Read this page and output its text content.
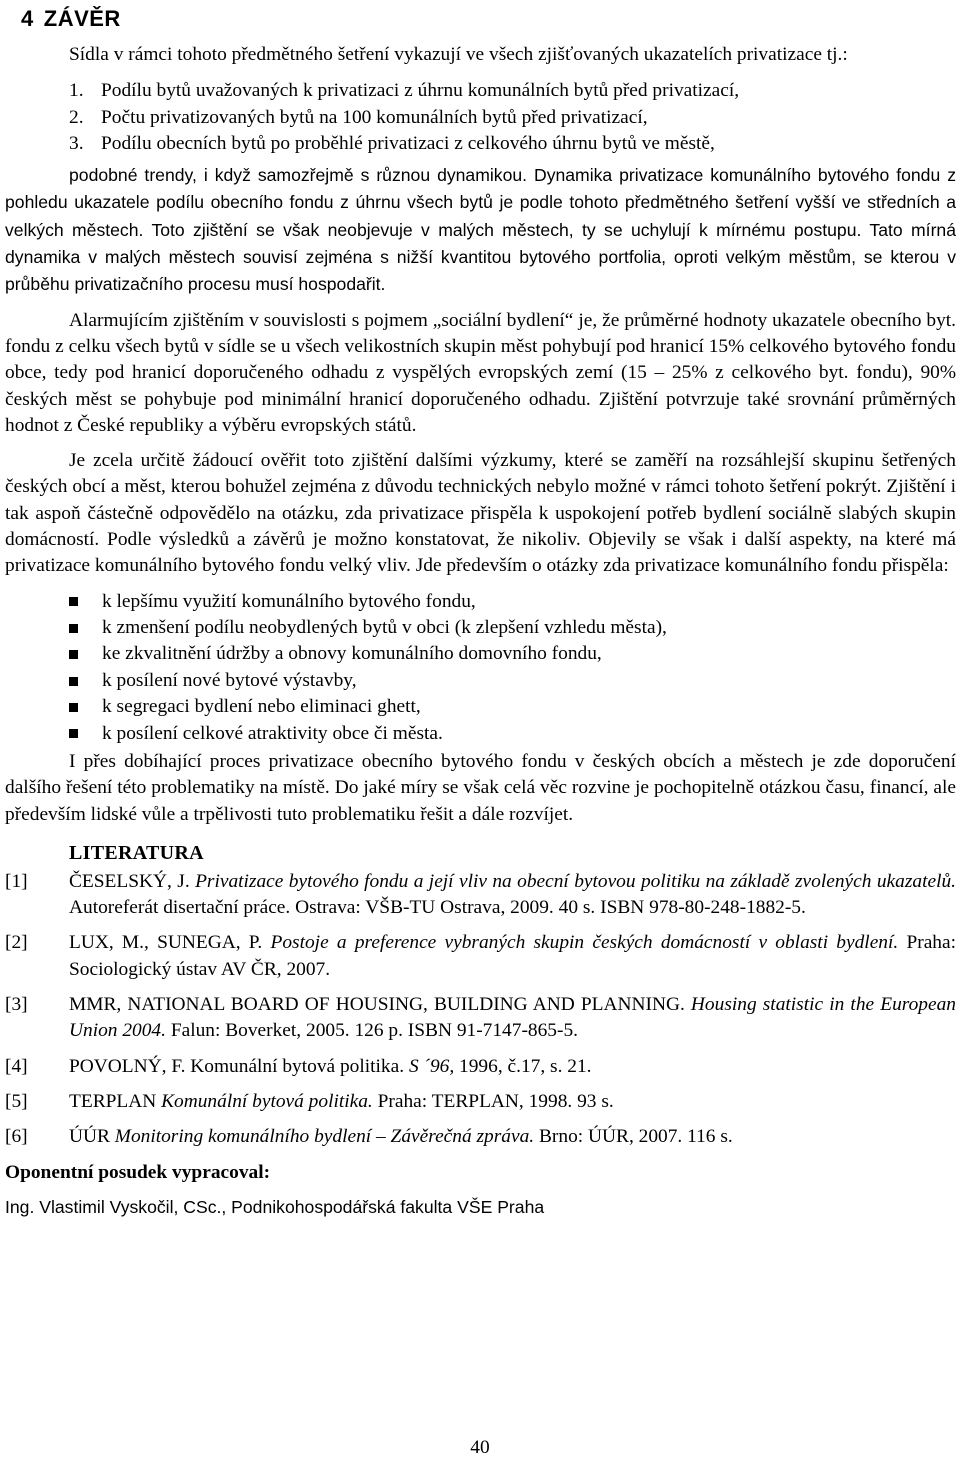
4 ZÁVĚR

Sídla v rámci tohoto předmětného šetření vykazují ve všech zjišťovaných ukazatelích privatizace tj.:

1. Podílu bytů uvažovaných k privatizaci z úhrnu komunálních bytů před privatizací,
2. Počtu privatizovaných bytů na 100 komunálních bytů před privatizací,
3. Podílu obecních bytů po proběhlé privatizaci z celkového úhrnu bytů ve městě,

podobné trendy, i když samozřejmě s různou dynamikou. Dynamika privatizace komunálního bytového fondu z pohledu ukazatele podílu obecního fondu z úhrnu všech bytů je podle tohoto předmětného šetření vyšší ve středních a velkých městech. Toto zjištění se však neobjevuje v malých městech, ty se uchylují k mírnému postupu. Tato mírná dynamika v malých městech souvisí zejména s nižší kvantitou bytového portfolia, oproti velkým městům, se kterou v průběhu privatizačního procesu musí hospodařit.

Alarmujícím zjištěním v souvislosti s pojmem „sociální bydlení“ je, že průměrné hodnoty ukazatele obecního byt. fondu z celku všech bytů v sídle se u všech velikostních skupin měst pohybují pod hranicí 15% celkového bytového fondu obce, tedy pod hranicí doporučeného odhadu z vyspělých evropských zemí (15 – 25% z celkového byt. fondu), 90% českých měst se pohybuje pod minimální hranicí doporučeného odhadu. Zjištění potvrzuje také srovnání průměrných hodnot z České republiky a výběru evropských států.

Je zcela určitě žádoucí ověřit toto zjištění dalšími výzkumy, které se zaměří na rozsáhlejší skupinu šetřených českých obcí a měst, kterou bohužel zejména z důvodu technických nebylo možné v rámci tohoto šetření pokrýt. Zjištění i tak aspoň částečně odpovědělo na otázku, zda privatizace přispěla k uspokojení potřeb bydlení sociálně slabých skupin domácností. Podle výsledků a závěrů je možno konstatovat, že nikoliv. Objevily se však i další aspekty, na které má privatizace komunálního bytového fondu velký vliv. Jde především o otázky zda privatizace komunálního fondu přispěla:

k lepšímu využití komunálního bytového fondu,
k zmenšení podílu neobydlených bytů v obci (k zlepšení vzhledu města),
ke zkvalitnění údržby a obnovy komunálního domovního fondu,
k posílení nové bytové výstavby,
k segregaci bydlení nebo eliminaci ghett,
k posílení celkové atraktivity obce či města.

I přes dobíhající proces privatizace obecního bytového fondu v českých obcích a městech je zde doporučení dalšího řešení této problematiky na místě. Do jaké míry se však celá věc rozvine je pochopitelně otázkou času, financí, ale především lidské vůle a trpělivosti tuto problematiku řešit a dále rozvíjet.

LITERATURA
[1]	ČESELSKÝ, J. Privatizace bytového fondu a její vliv na obecní bytovou politiku na základě zvolených ukazatelů. Autoreferát disertační práce. Ostrava: VŠB-TU Ostrava, 2009. 40 s. ISBN 978-80-248-1882-5.
[2]	LUX, M., SUNEGA, P. Postoje a preference vybraných skupin českých domácností v oblasti bydlení. Praha: Sociologický ústav AV ČR, 2007.
[3]	MMR, NATIONAL BOARD OF HOUSING, BUILDING AND PLANNING. Housing statistic in the European Union 2004. Falun: Boverket, 2005. 126 p. ISBN 91-7147-865-5.
[4]	POVOLNÝ, F. Komunální bytová politika. S ´96, 1996, č.17, s. 21.
[5]	TERPLAN Komunální bytová politika. Praha: TERPLAN, 1998. 93 s.
[6]	ÚÚR Monitoring komunálního bydlení – Závěrečná zpráva. Brno: ÚÚR, 2007. 116 s.
Oponentní posudek vypracoval:
Ing. Vlastimil Vyskočil, CSc., Podnikohospodářská fakulta VŠE Praha
40
